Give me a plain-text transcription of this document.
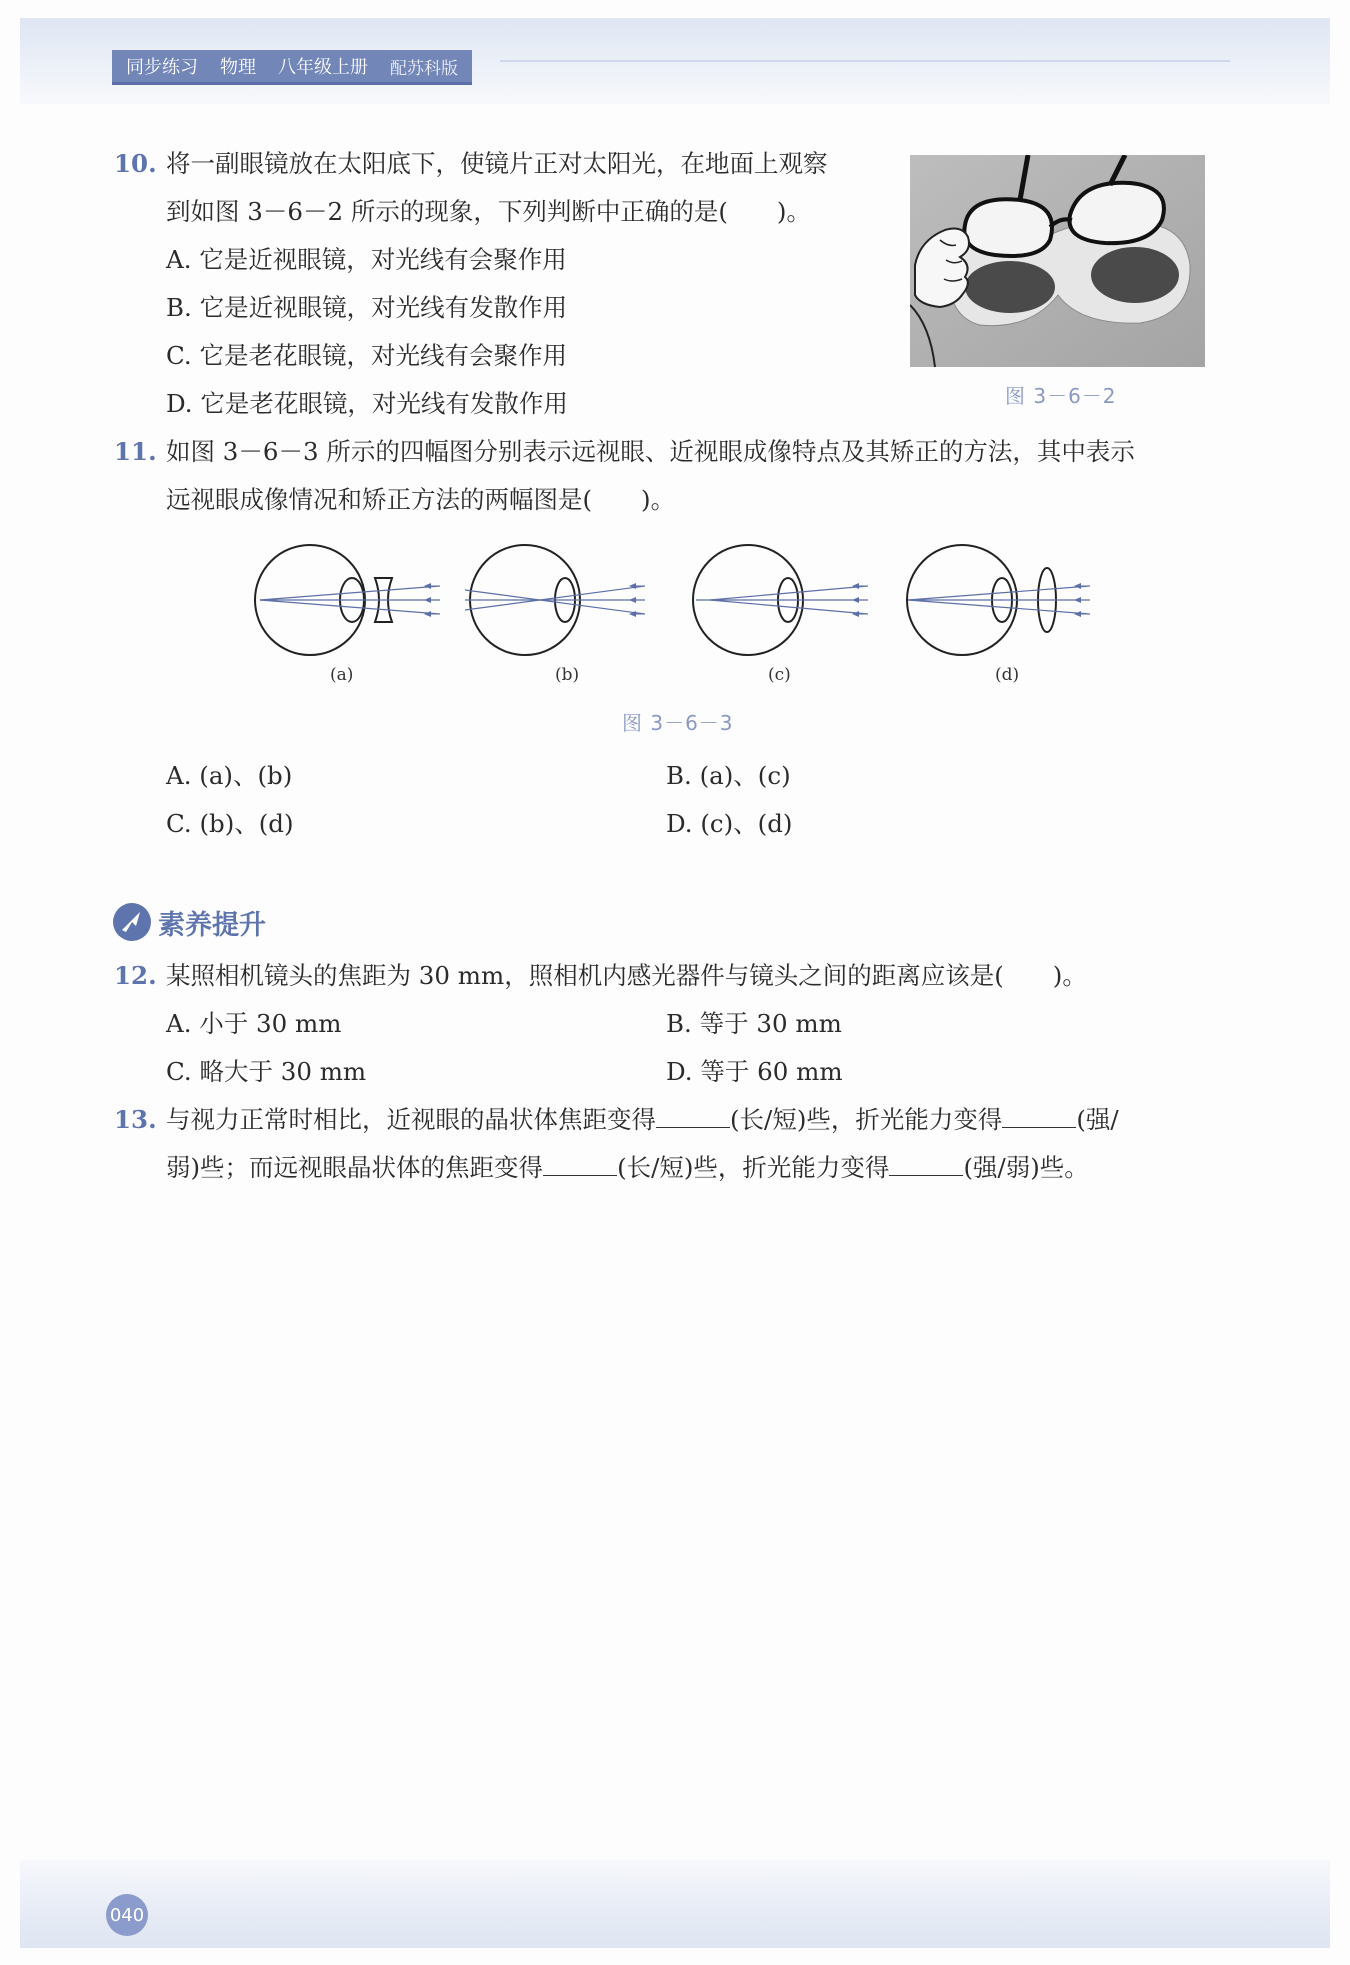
同步练习 物理 八年级上册 配苏科版
10. 将一副眼镜放在太阳底下，使镜片正对太阳光，在地面上观察
到如图 3－6－2 所示的现象，下列判断中正确的是(　　)。
A. 它是近视眼镜，对光线有会聚作用
B. 它是近视眼镜，对光线有发散作用
C. 它是老花眼镜，对光线有会聚作用
D. 它是老花眼镜，对光线有发散作用	图 3－6－2
11. 如图 3－6－3 所示的四幅图分别表示远视眼、近视眼成像特点及其矫正的方法，其中表示
远视眼成像情况和矫正方法的两幅图是(　　)。
(a)	(b)	(c)	(d)
图 3－6－3
A. (a)、(b)	B. (a)、(c)
C. (b)、(d)	D. (c)、(d)
素养提升
12. 某照相机镜头的焦距为 30 mm，照相机内感光器件与镜头之间的距离应该是(　　)。
A. 小于 30 mm	B. 等于 30 mm
C. 略大于 30 mm	D. 等于 60 mm
13. 与视力正常时相比，近视眼的晶状体焦距变得	(长/短)些，折光能力变得	(强/
弱)些；而远视眼晶状体的焦距变得	(长/短)些，折光能力变得	(强/弱)些。
040
